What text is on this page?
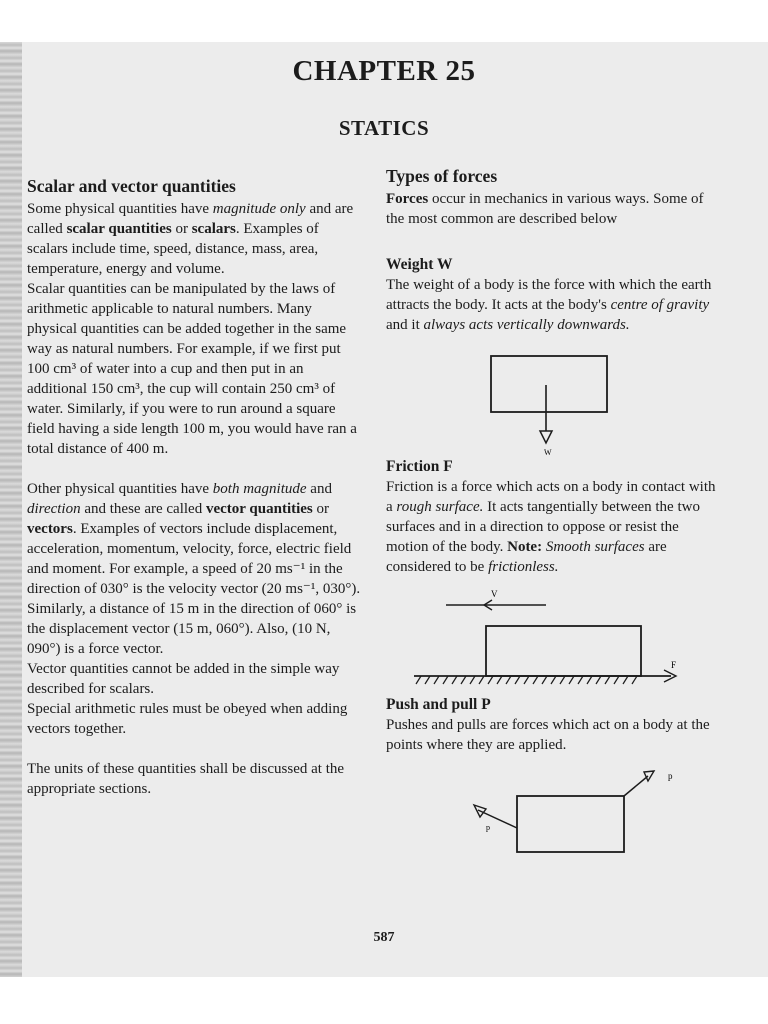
CHAPTER 25
STATICS
Scalar and vector quantities

Some physical quantities have magnitude only and are called scalar quantities or scalars. Examples of scalars include time, speed, distance, mass, area, temperature, energy and volume.

Scalar quantities can be manipulated by the laws of arithmetic applicable to natural numbers. Many physical quantities can be added together in the same way as natural numbers. For example, if we first put 100 cm³ of water into a cup and then put in an additional 150 cm³, the cup will contain 250 cm³ of water. Similarly, if you were to run around a square field having a side length 100 m, you would have ran a total distance of 400 m.

Other physical quantities have both magnitude and direction and these are called vector quantities or vectors. Examples of vectors include displacement, acceleration, momentum, velocity, force, electric field and moment. For example, a speed of 20 ms⁻¹ in the direction of 030° is the velocity vector (20 ms⁻¹, 030°). Similarly, a distance of 15 m in the direction of 060° is the displacement vector (15 m, 060°). Also, (10 N, 090°) is a force vector.

Vector quantities cannot be added in the simple way described for scalars.

Special arithmetic rules must be obeyed when adding vectors together.

The units of these quantities shall be discussed at the appropriate sections.

Types of forces

Forces occur in mechanics in various ways. Some of the most common are described below

Weight W

The weight of a body is the force with which the earth attracts the body. It acts at the body's centre of gravity and it always acts vertically downwards.

W
Friction F

Friction is a force which acts on a body in contact with a rough surface. It acts tangentially between the two surfaces and in a direction to oppose or resist the motion of the body. Note: Smooth surfaces are considered to be frictionless.

V
F
Push and pull P

Pushes and pulls are forces which act on a body at the points where they are applied.

p
p
587
